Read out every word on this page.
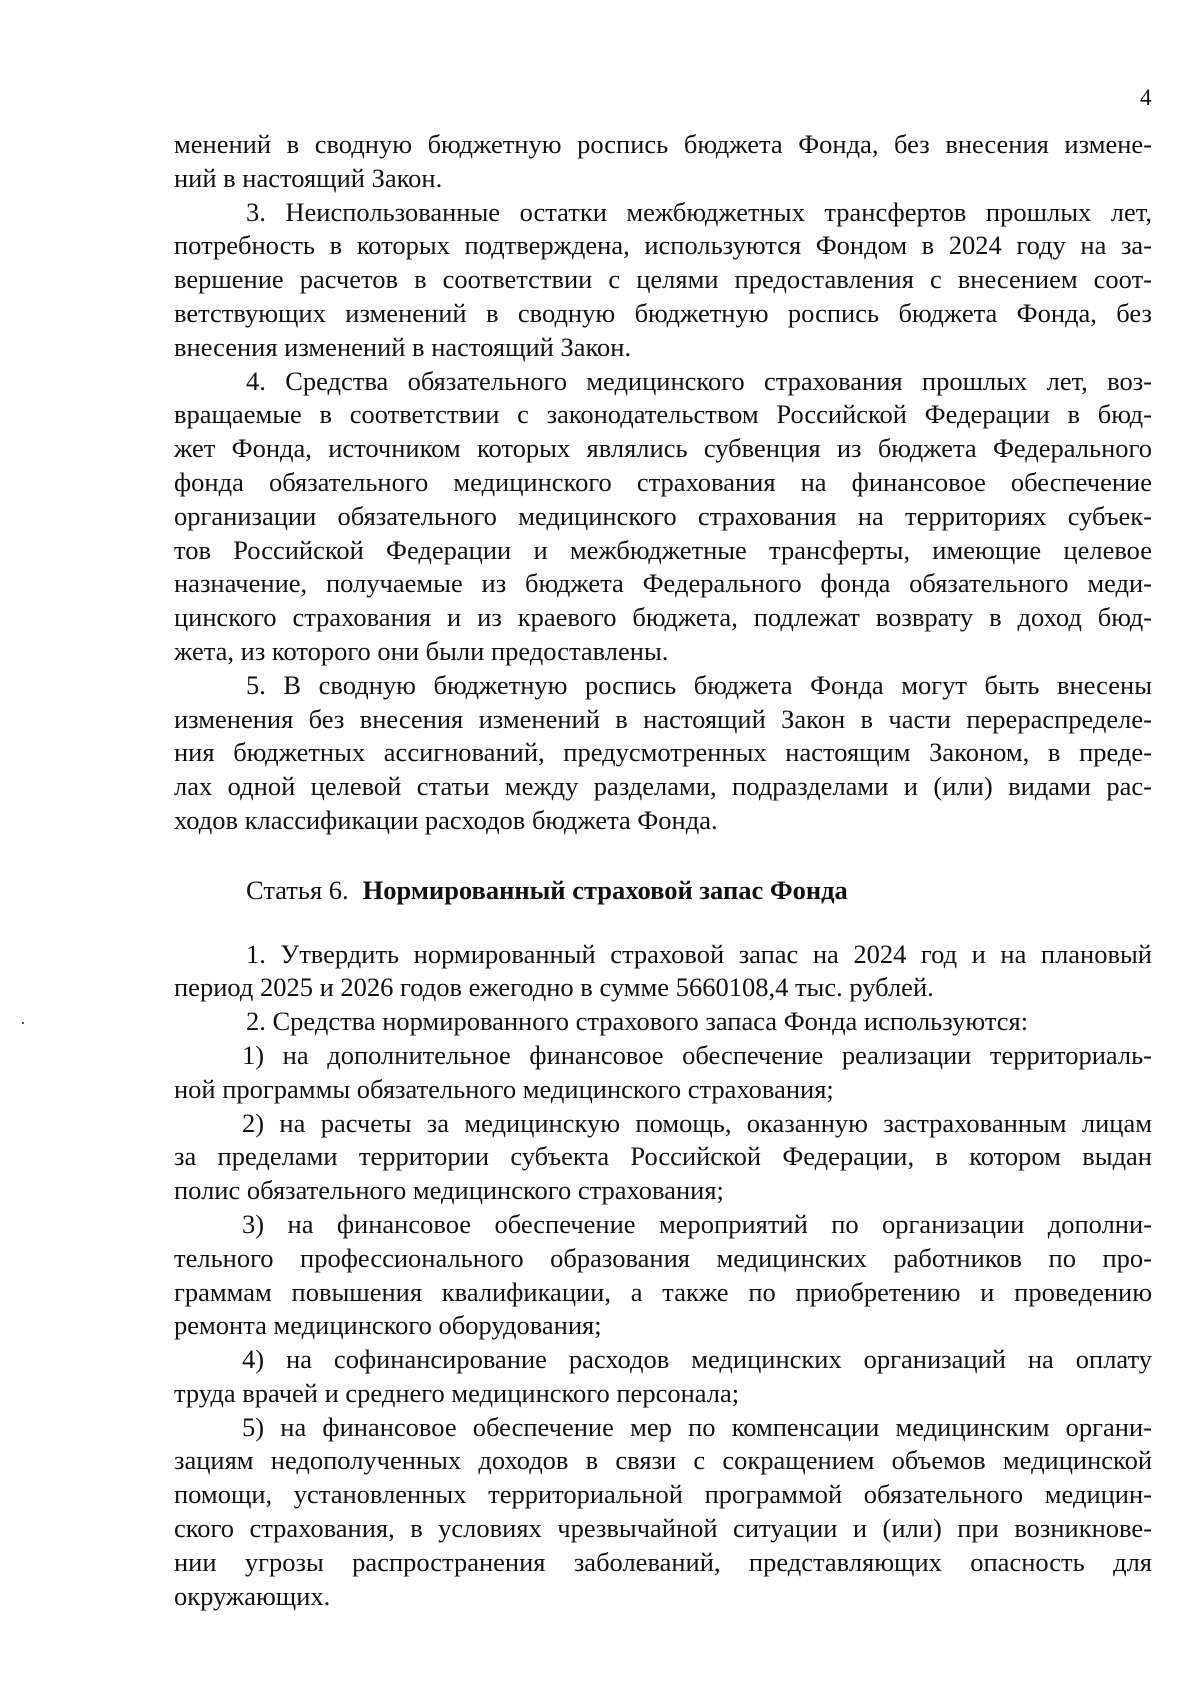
4
менений в сводную бюджетную роспись бюджета Фонда, без внесения измене-
ний в настоящий Закон.
3. Неиспользованные остатки межбюджетных трансфертов прошлых лет,
потребность в которых подтверждена, используются Фондом в 2024 году на за-
вершение расчетов в соответствии с целями предоставления с внесением соот-
ветствующих изменений в сводную бюджетную роспись бюджета Фонда, без
внесения изменений в настоящий Закон.
4. Средства обязательного медицинского страхования прошлых лет, воз-
вращаемые в соответствии с законодательством Российской Федерации в бюд-
жет Фонда, источником которых являлись субвенция из бюджета Федерального
фонда обязательного медицинского страхования на финансовое обеспечение
организации обязательного медицинского страхования на территориях субъек-
тов Российской Федерации и межбюджетные трансферты, имеющие целевое
назначение, получаемые из бюджета Федерального фонда обязательного меди-
цинского страхования и из краевого бюджета, подлежат возврату в доход бюд-
жета, из которого они были предоставлены.
5. В сводную бюджетную роспись бюджета Фонда могут быть внесены
изменения без внесения изменений в настоящий Закон в части перераспределе-
ния бюджетных ассигнований, предусмотренных настоящим Законом, в преде-
лах одной целевой статьи между разделами, подразделами и (или) видами рас-
ходов классификации расходов бюджета Фонда.
Статья 6. Нормированный страховой запас Фонда
1. Утвердить нормированный страховой запас на 2024 год и на плановый
период 2025 и 2026 годов ежегодно в сумме 5660108,4 тыс. рублей.
2. Средства нормированного страхового запаса Фонда используются:
1) на дополнительное финансовое обеспечение реализации территориаль-
ной программы обязательного медицинского страхования;
2) на расчеты за медицинскую помощь, оказанную застрахованным лицам
за пределами территории субъекта Российской Федерации, в котором выдан
полис обязательного медицинского страхования;
3) на финансовое обеспечение мероприятий по организации дополни-
тельного профессионального образования медицинских работников по про-
граммам повышения квалификации, а также по приобретению и проведению
ремонта медицинского оборудования;
4) на софинансирование расходов медицинских организаций на оплату
труда врачей и среднего медицинского персонала;
5) на финансовое обеспечение мер по компенсации медицинским органи-
зациям недополученных доходов в связи с сокращением объемов медицинской
помощи, установленных территориальной программой обязательного медицин-
ского страхования, в условиях чрезвычайной ситуации и (или) при возникнове-
нии угрозы распространения заболеваний, представляющих опасность для
окружающих.
